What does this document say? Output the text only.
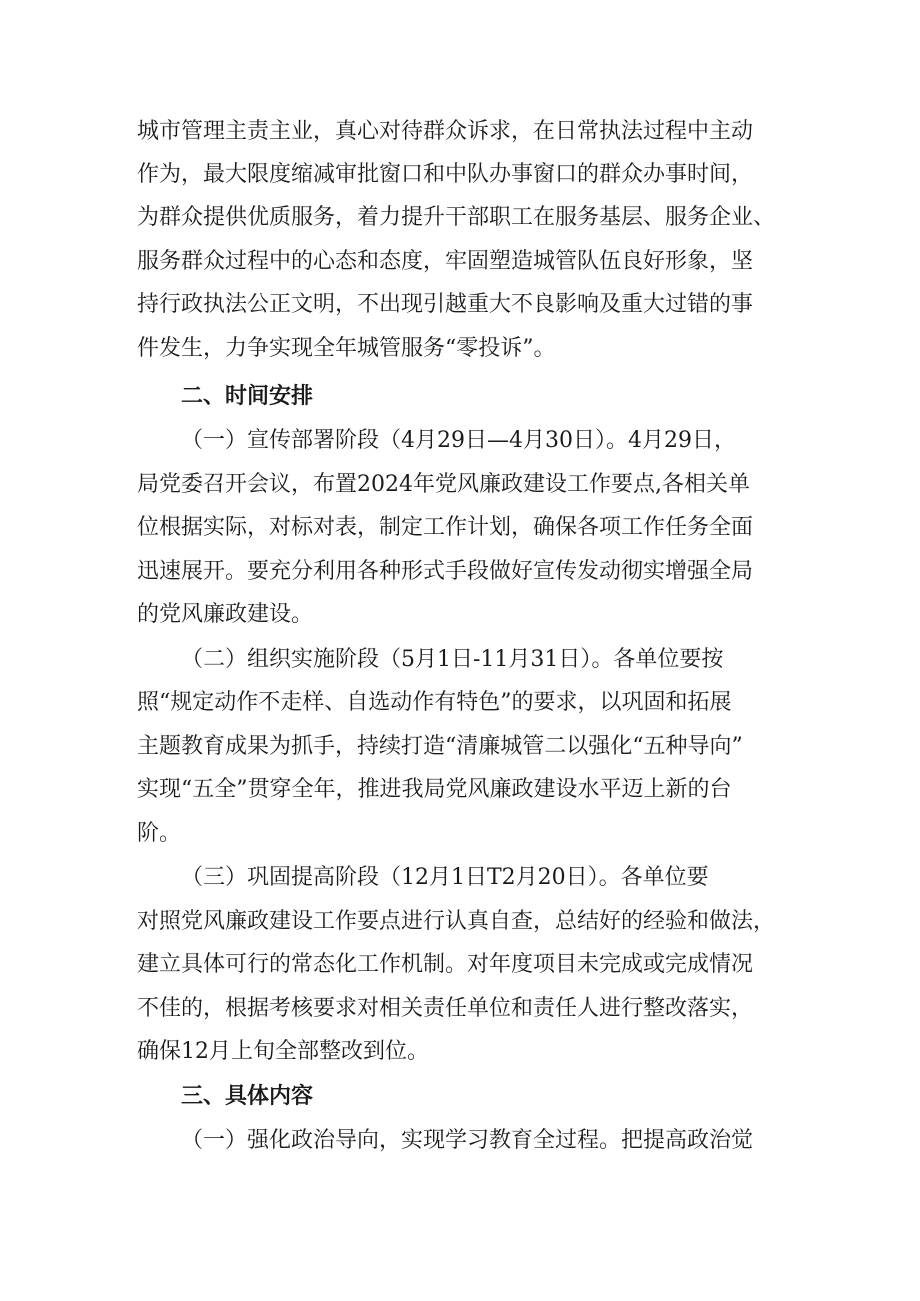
城市管理主责主业，真心对待群众诉求，在日常执法过程中主动
作为，最大限度缩减审批窗口和中队办事窗口的群众办事时间，
为群众提供优质服务，着力提升干部职工在服务基层、服务企业、
服务群众过程中的心态和态度，牢固塑造城管队伍良好形象，坚
持行政执法公正文明，不出现引越重大不良影响及重大过错的事
件发生，力争实现全年城管服务“零投诉”。
二、时间安排
（一）宣传部署阶段（4月29日—4月30日）。4月29日，
局党委召开会议，布置2024年党风廉政建设工作要点,各相关单
位根据实际，对标对表，制定工作计划，确保各项工作任务全面
迅速展开。要充分利用各种形式手段做好宣传发动彻实增强全局
的党风廉政建设。
（二）组织实施阶段（5月1日-11月31日）。各单位要按
照“规定动作不走样、自选动作有特色”的要求，以巩固和拓展
主题教育成果为抓手，持续打造“清廉城管二以强化“五种导向”
实现“五全”贯穿全年，推进我局党风廉政建设水平迈上新的台
阶。
（三）巩固提高阶段（12月1日T2月20日）。各单位要
对照党风廉政建设工作要点进行认真自查，总结好的经验和做法，
建立具体可行的常态化工作机制。对年度项目未完成或完成情况
不佳的，根据考核要求对相关责任单位和责任人进行整改落实，
确保12月上旬全部整改到位。
三、具体内容
（一）强化政治导向，实现学习教育全过程。把提高政治觉
